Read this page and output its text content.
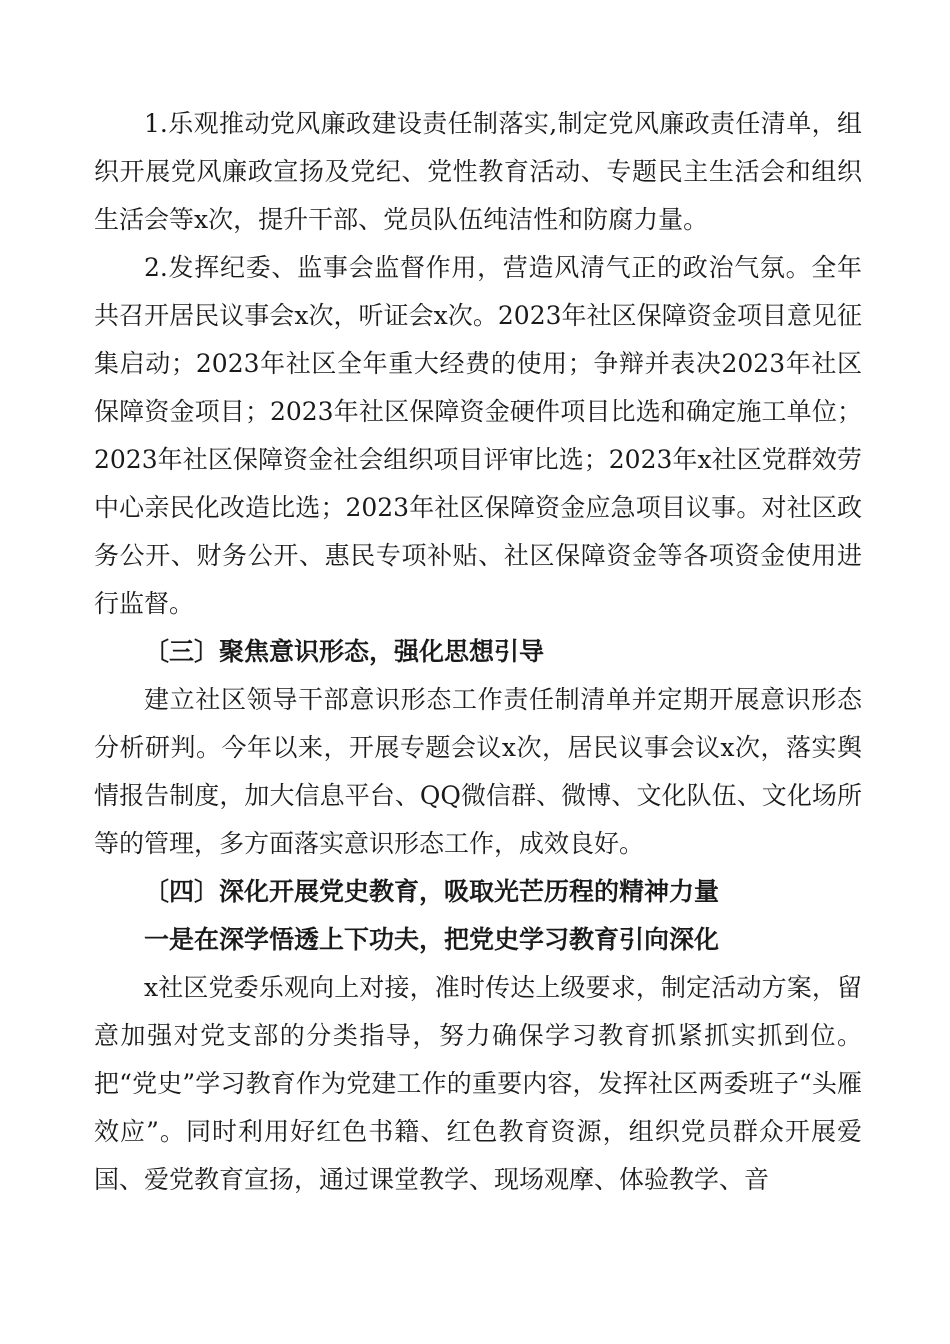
1.乐观推动党风廉政建设责任制落实,制定党风廉政责任清单，组织开展党风廉政宣扬及党纪、党性教育活动、专题民主生活会和组织生活会等x次，提升干部、党员队伍纯洁性和防腐力量。

2.发挥纪委、监事会监督作用，营造风清气正的政治气氛。全年共召开居民议事会x次，听证会x次。2023年社区保障资金项目意见征集启动；2023年社区全年重大经费的使用；争辩并表决2023年社区保障资金项目；2023年社区保障资金硬件项目比选和确定施工单位；2023年社区保障资金社会组织项目评审比选；2023年x社区党群效劳中心亲民化改造比选；2023年社区保障资金应急项目议事。对社区政务公开、财务公开、惠民专项补贴、社区保障资金等各项资金使用进行监督。

〔三〕聚焦意识形态，强化思想引导

建立社区领导干部意识形态工作责任制清单并定期开展意识形态分析研判。今年以来，开展专题会议x次，居民议事会议x次，落实舆情报告制度，加大信息平台、QQ微信群、微博、文化队伍、文化场所等的管理，多方面落实意识形态工作，成效良好。

〔四〕深化开展党史教育，吸取光芒历程的精神力量

一是在深学悟透上下功夫，把党史学习教育引向深化

x社区党委乐观向上对接，准时传达上级要求，制定活动方案，留意加强对党支部的分类指导，努力确保学习教育抓紧抓实抓到位。把“党史”学习教育作为党建工作的重要内容，发挥社区两委班子“头雁效应”。同时利用好红色书籍、红色教育资源，组织党员群众开展爱国、爱党教育宣扬，通过课堂教学、现场观摩、体验教学、音
